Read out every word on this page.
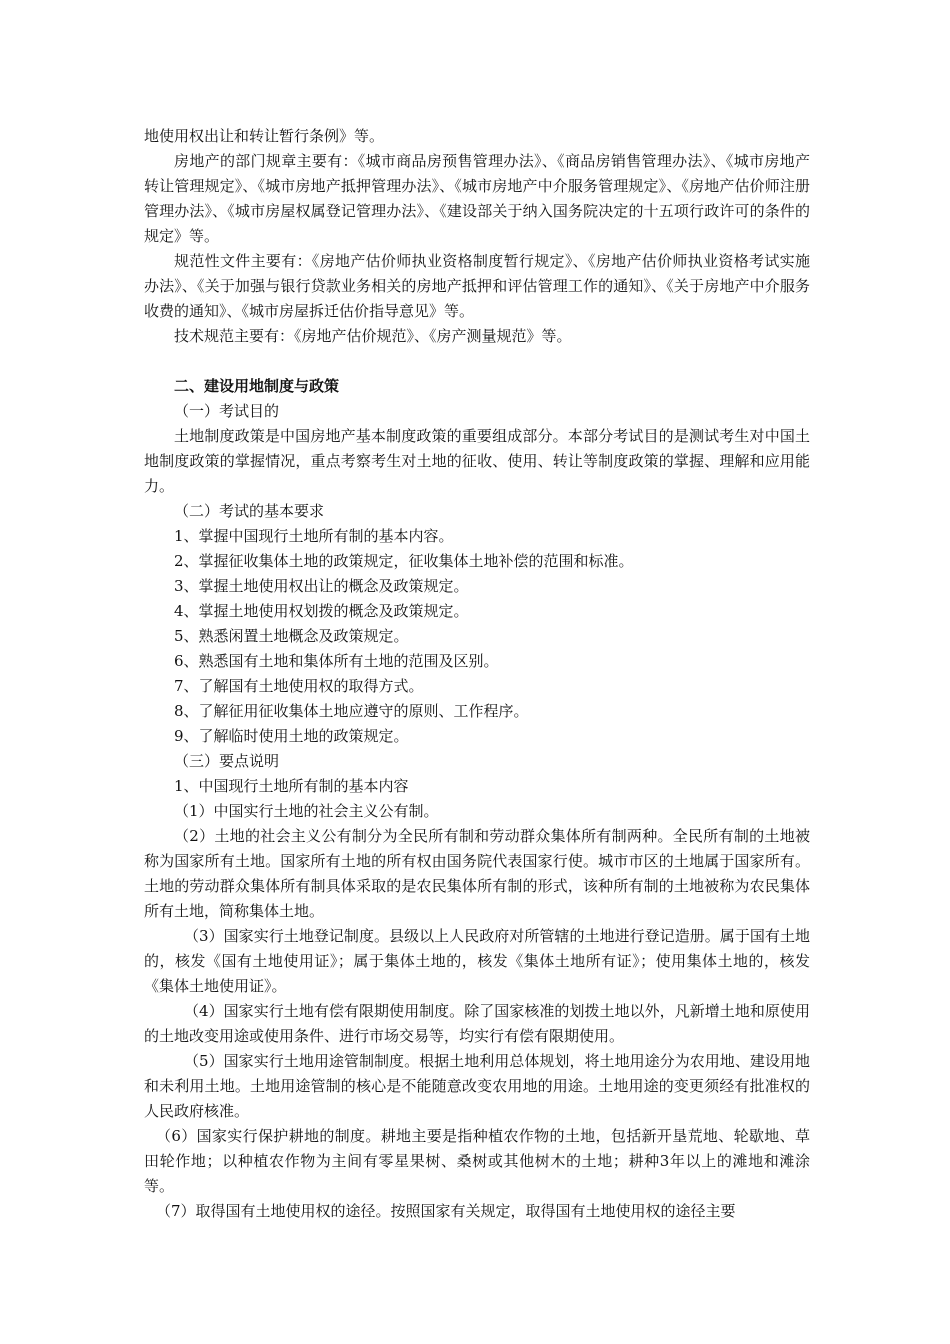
地使用权出让和转让暂行条例》等。

房地产的部门规章主要有：《城市商品房预售管理办法》、《商品房销售管理办法》、《城市房地产转让管理规定》、《城市房地产抵押管理办法》、《城市房地产中介服务管理规定》、《房地产估价师注册管理办法》、《城市房屋权属登记管理办法》、《建设部关于纳入国务院决定的十五项行政许可的条件的规定》等。

规范性文件主要有：《房地产估价师执业资格制度暂行规定》、《房地产估价师执业资格考试实施办法》、《关于加强与银行贷款业务相关的房地产抵押和评估管理工作的通知》、《关于房地产中介服务收费的通知》、《城市房屋拆迁估价指导意见》等。

技术规范主要有：《房地产估价规范》、《房产测量规范》等。

二、建设用地制度与政策

（一）考试目的

土地制度政策是中国房地产基本制度政策的重要组成部分。本部分考试目的是测试考生对中国土地制度政策的掌握情况，重点考察考生对土地的征收、使用、转让等制度政策的掌握、理解和应用能力。

（二）考试的基本要求

1、掌握中国现行土地所有制的基本内容。

2、掌握征收集体土地的政策规定，征收集体土地补偿的范围和标准。

3、掌握土地使用权出让的概念及政策规定。

4、掌握土地使用权划拨的概念及政策规定。

5、熟悉闲置土地概念及政策规定。

6、熟悉国有土地和集体所有土地的范围及区别。

7、了解国有土地使用权的取得方式。

8、了解征用征收集体土地应遵守的原则、工作程序。

9、了解临时使用土地的政策规定。

（三）要点说明

1、中国现行土地所有制的基本内容

（1）中国实行土地的社会主义公有制。

（2）土地的社会主义公有制分为全民所有制和劳动群众集体所有制两种。全民所有制的土地被称为国家所有土地。国家所有土地的所有权由国务院代表国家行使。城市市区的土地属于国家所有。土地的劳动群众集体所有制具体采取的是农民集体所有制的形式，该种所有制的土地被称为农民集体所有土地，简称集体土地。

（3）国家实行土地登记制度。县级以上人民政府对所管辖的土地进行登记造册。属于国有土地的，核发《国有土地使用证》；属于集体土地的，核发《集体土地所有证》；使用集体土地的，核发《集体土地使用证》。

（4）国家实行土地有偿有限期使用制度。除了国家核准的划拨土地以外，凡新增土地和原使用的土地改变用途或使用条件、进行市场交易等，均实行有偿有限期使用。

（5）国家实行土地用途管制制度。根据土地利用总体规划，将土地用途分为农用地、建设用地和未利用土地。土地用途管制的核心是不能随意改变农用地的用途。土地用途的变更须经有批准权的人民政府核准。

（6）国家实行保护耕地的制度。耕地主要是指种植农作物的土地，包括新开垦荒地、轮歇地、草田轮作地；以种植农作物为主间有零星果树、桑树或其他树木的土地；耕种3年以上的滩地和滩涂等。

（7）取得国有土地使用权的途径。按照国家有关规定，取得国有土地使用权的途径主要
